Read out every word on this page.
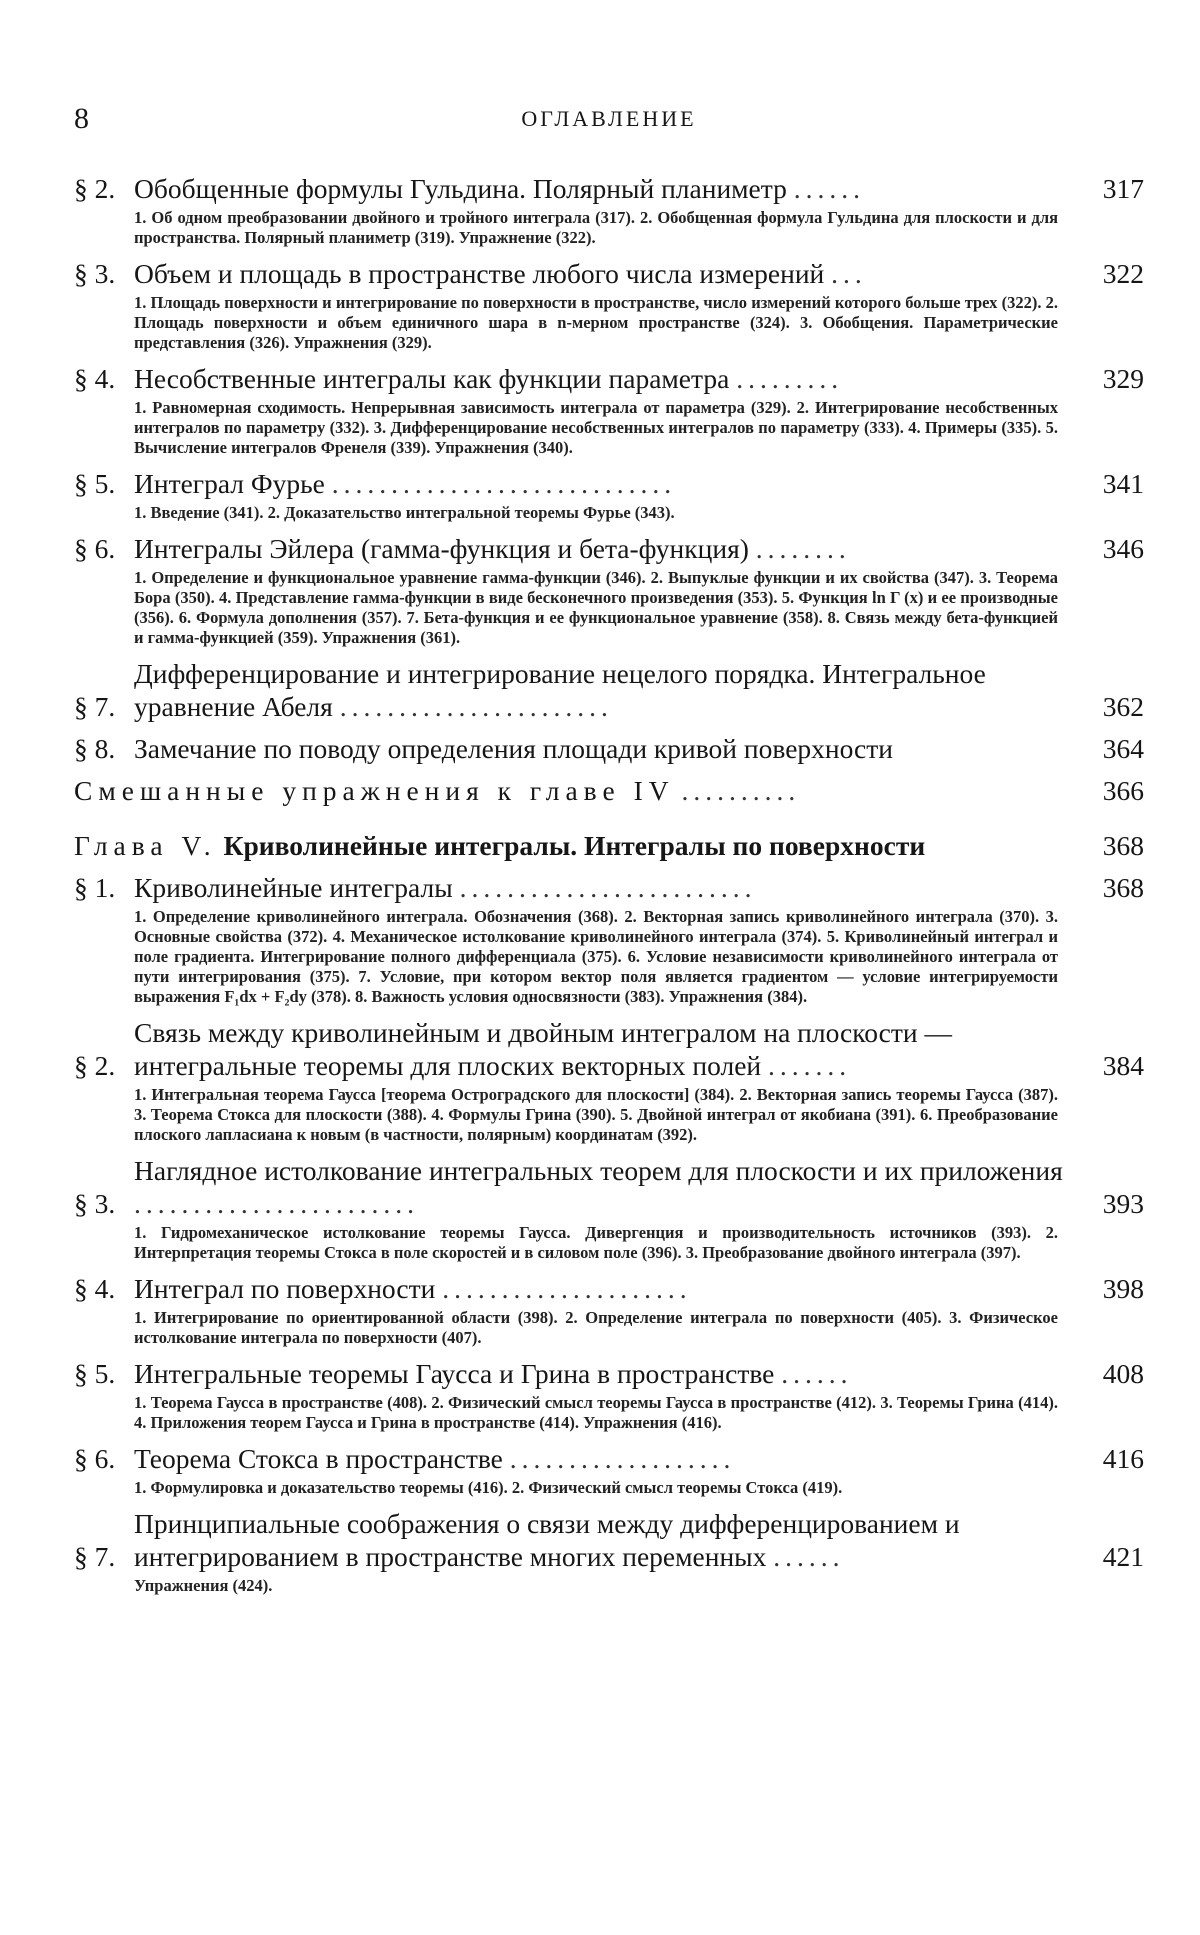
8	ОГЛАВЛЕНИЕ
§ 2. Обобщенные формулы Гульдина. Полярный планиметр ......	317
1. Об одном преобразовании двойного и тройного интеграла (317). 2. Обобщенная формула Гульдина для плоскости и для пространства. Полярный планиметр (319). Упражнение (322).
§ 3. Объем и площадь в пространстве любого числа измерений ...	322
1. Площадь поверхности и интегрирование по поверхности в пространстве, число измерений которого больше трех (322). 2. Площадь поверхности и объем единичного шара в n-мерном пространстве (324). 3. Обобщения. Параметрические представления (326). Упражнения (329).
§ 4. Несобственные интегралы как функции параметра .........	329
1. Равномерная сходимость. Непрерывная зависимость интеграла от параметра (329). 2. Интегрирование несобственных интегралов по параметру (332). 3. Дифференцирование несобственных интегралов по параметру (333). 4. Примеры (335). 5. Вычисление интегралов Френеля (339). Упражнения (340).
§ 5. Интеграл Фурье .............................	341
1. Введение (341). 2. Доказательство интегральной теоремы Фурье (343).
§ 6. Интегралы Эйлера (гамма-функция и бета-функция) ........	346
1. Определение и функциональное уравнение гамма-функции (346). 2. Выпуклые функции и их свойства (347). 3. Теорема Бора (350). 4. Представление гамма-функции в виде бесконечного произведения (353). 5. Функция ln Γ (x) и ее производные (356). 6. Формула дополнения (357). 7. Бета-функция и ее функциональное уравнение (358). 8. Связь между бета-функцией и гамма-функцией (359). Упражнения (361).
§ 7.
Дифференцирование и интегрирование нецелого порядка. Интегральное уравнение Абеля .......................	362
§ 8. Замечание по поводу определения площади кривой поверхности	364
Смешанные упражнения к главе IV ..........	366
Глава V. Криволинейные интегралы. Интегралы по поверхности	368
§ 1. Криволинейные интегралы .........................	368
1. Определение криволинейного интеграла. Обозначения (368). 2. Векторная запись криволинейного интеграла (370). 3. Основные свойства (372). 4. Механическое истолкование криволинейного интеграла (374). 5. Криволинейный интеграл и поле градиента. Интегрирование полного дифференциала (375). 6. Условие независимости криволинейного интеграла от пути интегрирования (375). 7. Условие, при котором вектор поля является градиентом — условие интегрируемости выражения F₁dx + F₂dy (378). 8. Важность условия односвязности (383). Упражнения (384).
§ 2.
Связь между криволинейным и двойным интегралом на плоскости — интегральные теоремы для плоских векторных полей .......	384
1. Интегральная теорема Гаусса [теорема Остроградского для плоскости] (384). 2. Векторная запись теоремы Гаусса (387). 3. Теорема Стокса для плоскости (388). 4. Формулы Грина (390). 5. Двойной интеграл от якобиана (391). 6. Преобразование плоского лапласиана к новым (в частности, полярным) координатам (392).
§ 3.
Наглядное истолкование интегральных теорем для плоскости и их приложения ........................	393
1. Гидромеханическое истолкование теоремы Гаусса. Дивергенция и производительность источников (393). 2. Интерпретация теоремы Стокса в поле скоростей и в силовом поле (396). 3. Преобразование двойного интеграла (397).
§ 4. Интеграл по поверхности .....................	398
1. Интегрирование по ориентированной области (398). 2. Определение интеграла по поверхности (405). 3. Физическое истолкование интеграла по поверхности (407).
§ 5. Интегральные теоремы Гаусса и Грина в пространстве ......	408
1. Теорема Гаусса в пространстве (408). 2. Физический смысл теоремы Гаусса в пространстве (412). 3. Теоремы Грина (414). 4. Приложения теорем Гаусса и Грина в пространстве (414). Упражнения (416).
§ 6. Теорема Стокса в пространстве ...................	416
1. Формулировка и доказательство теоремы (416). 2. Физический смысл теоремы Стокса (419).
§ 7.
Принципиальные соображения о связи между дифференцированием и интегрированием в пространстве многих переменных ......	421
Упражнения (424).
